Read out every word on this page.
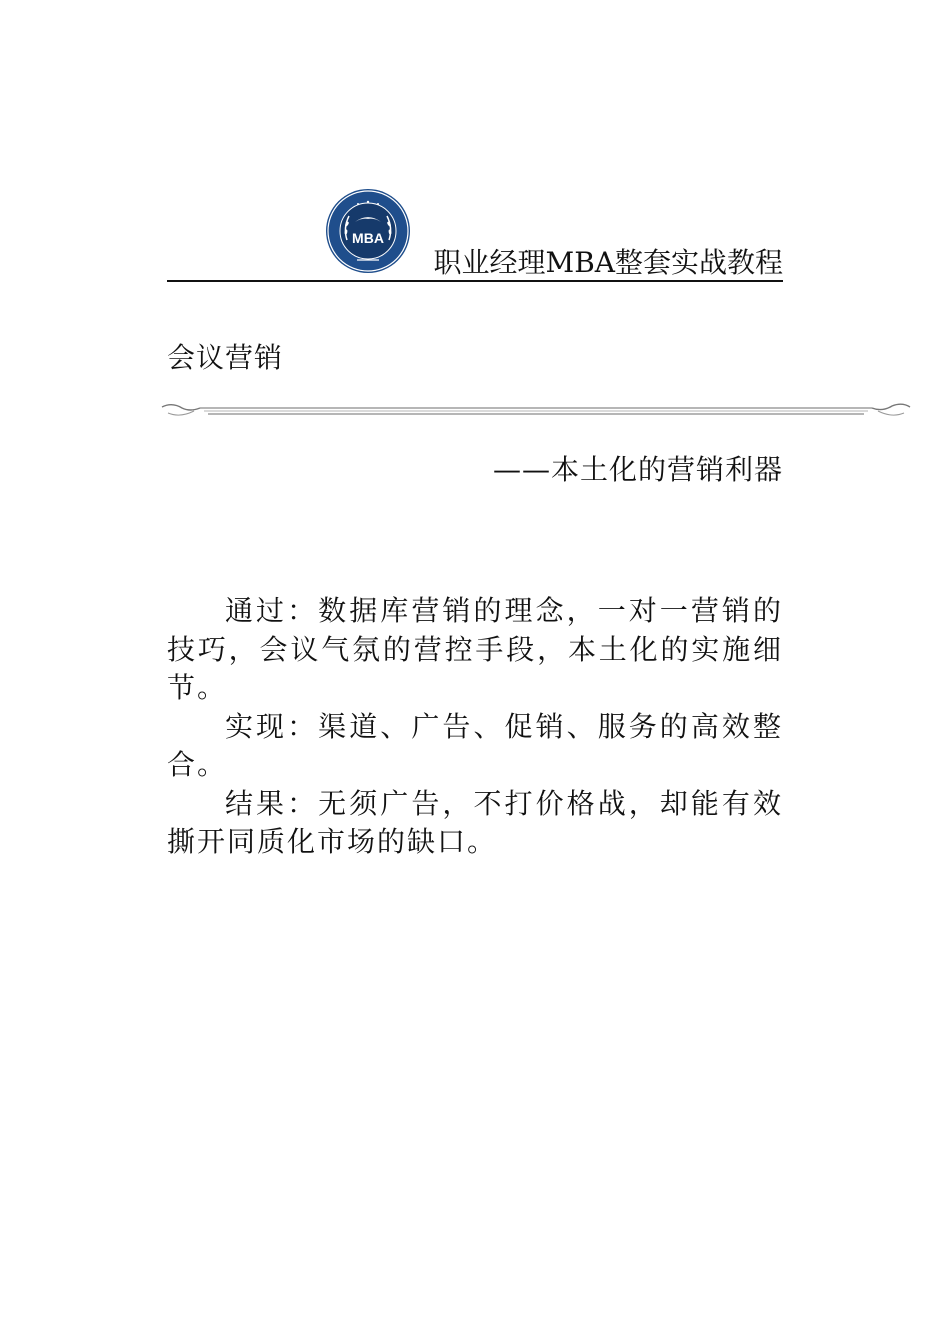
MBA
职业经理MBA整套实战教程
会议营销
——本土化的营销利器

通过：数据库营销的理念，一对一营销的技巧，会议气氛的营控手段，本土化的实施细节。

实现：渠道、广告、促销、服务的高效整合。

结果：无须广告，不打价格战，却能有效撕开同质化市场的缺口。
